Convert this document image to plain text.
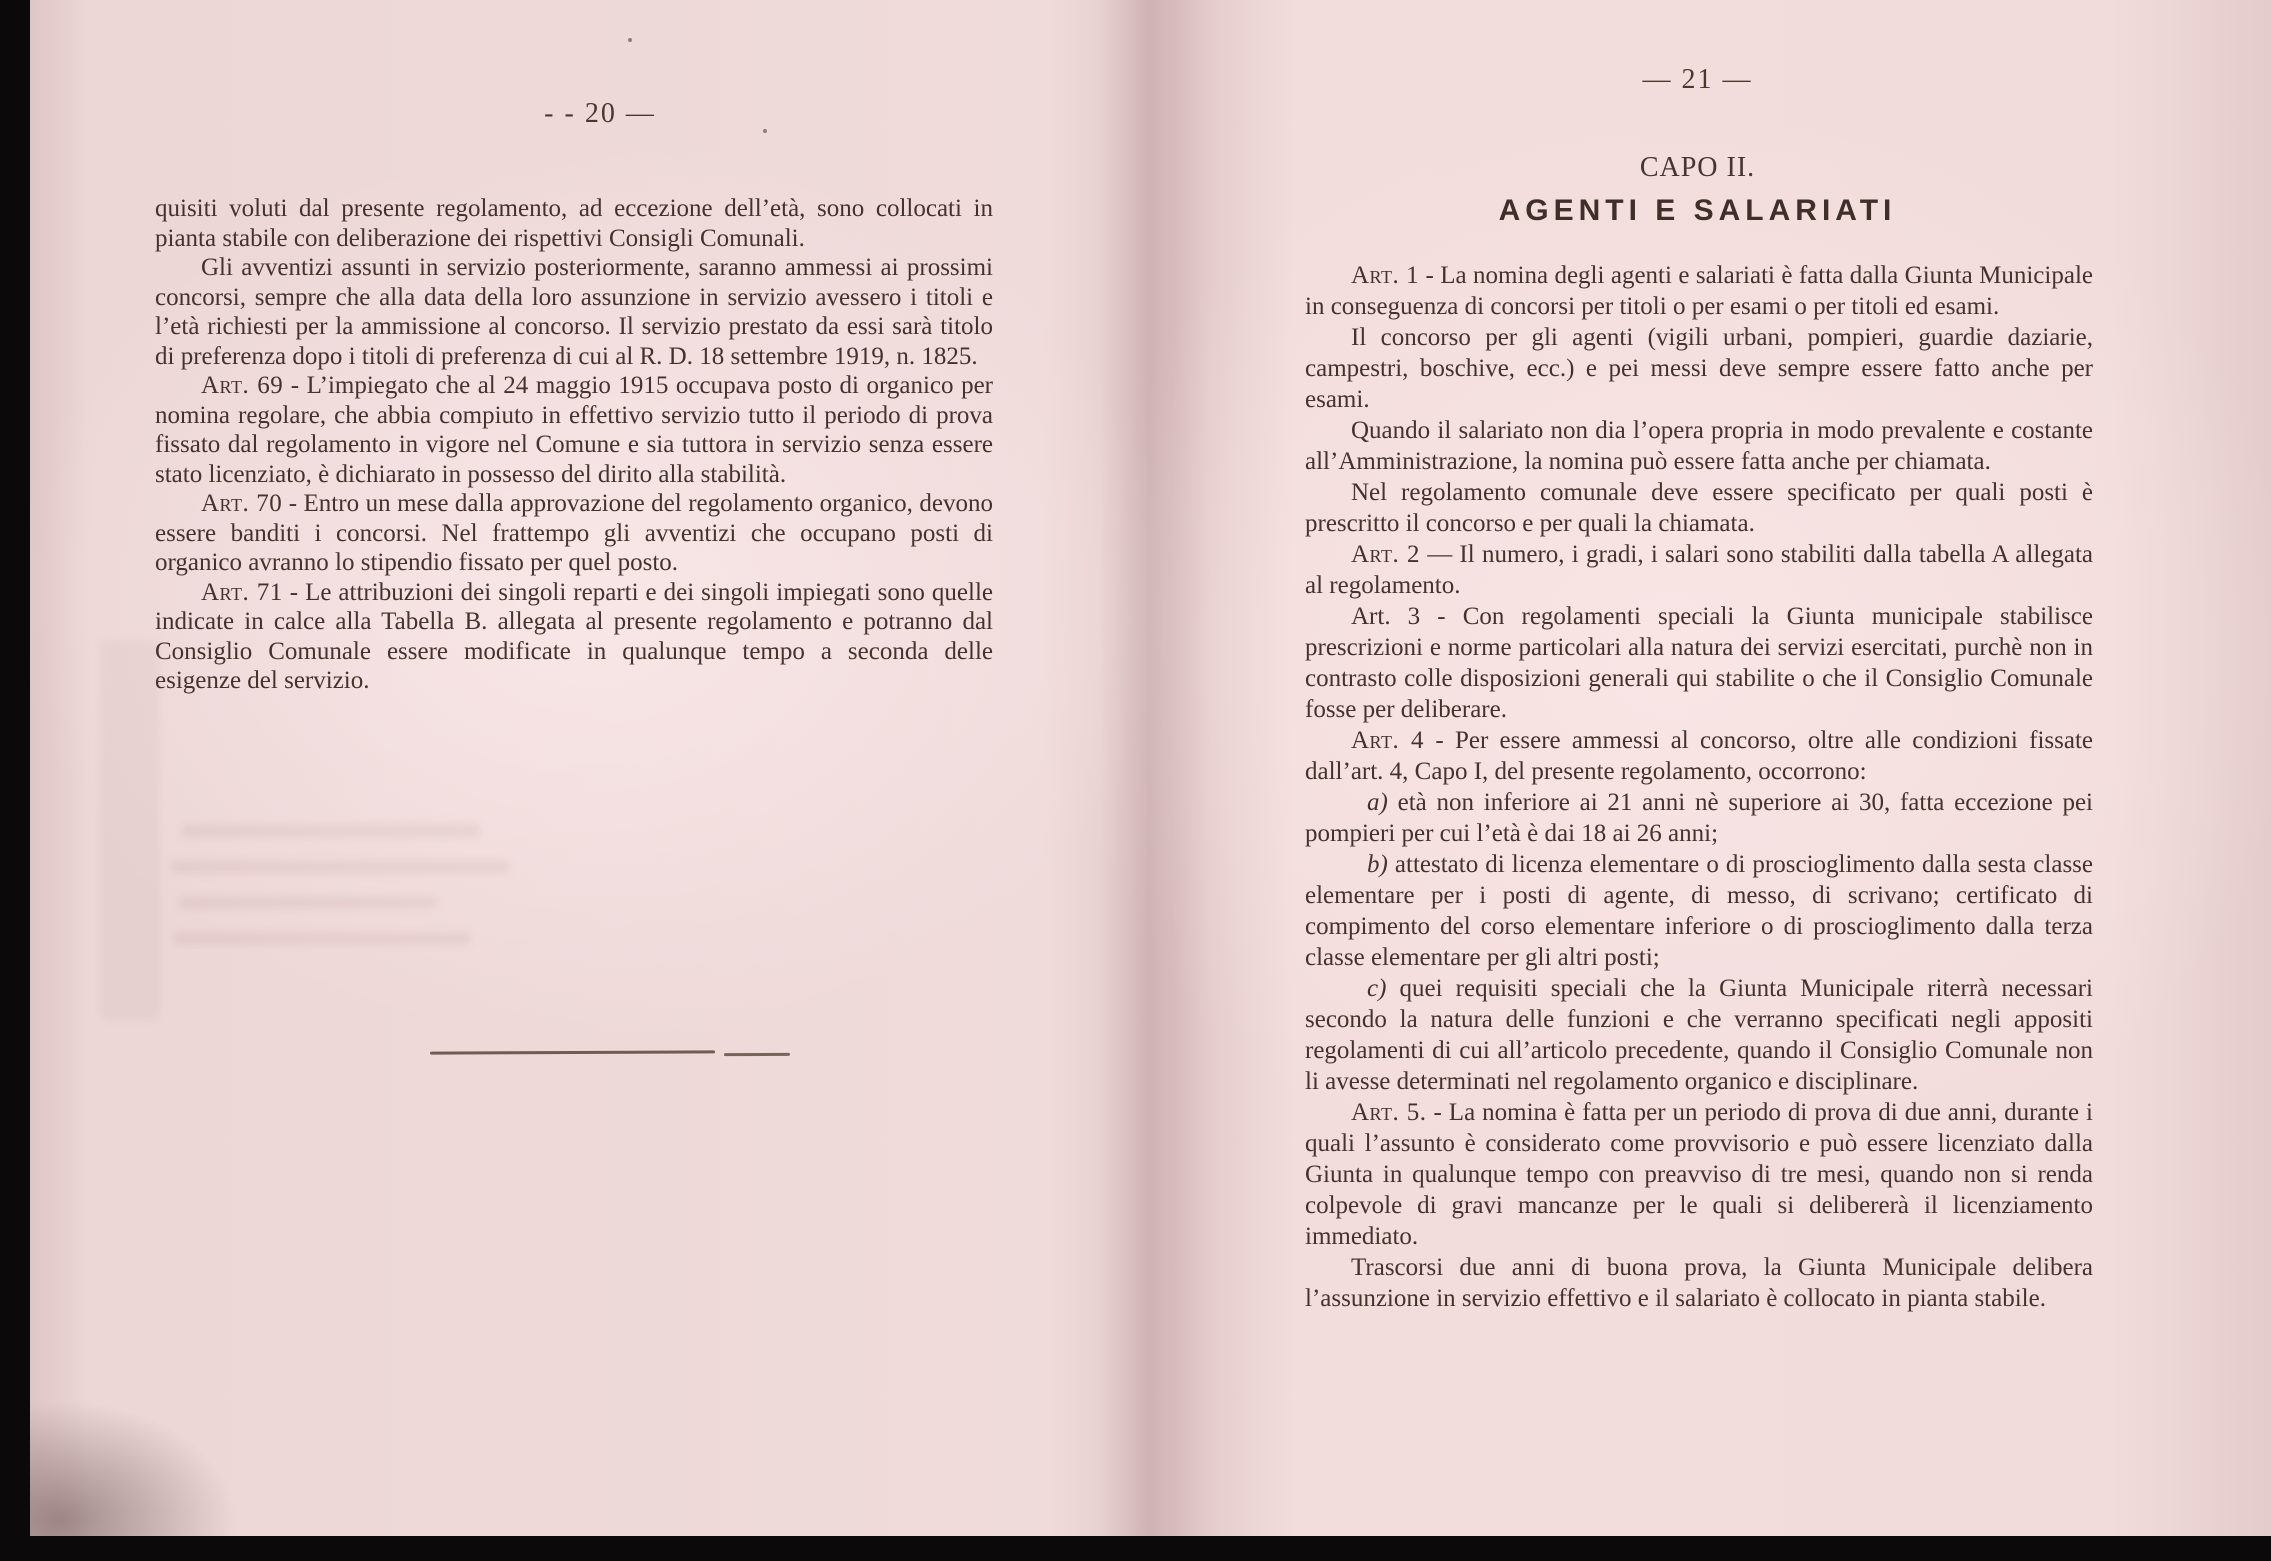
- - 20 —

quisiti voluti dal presente regolamento, ad eccezione dell’età, sono collocati in pianta stabile con deliberazione dei rispettivi Consigli Comunali.

Gli avventizi assunti in servizio posteriormente, saranno ammessi ai prossimi concorsi, sempre che alla data della loro assunzione in servizio avessero i titoli e l’età richiesti per la ammissione al concorso. Il servizio prestato da essi sarà titolo di preferenza dopo i titoli di preferenza di cui al R. D. 18 settembre 1919, n. 1825.

Art. 69 - L’impiegato che al 24 maggio 1915 occupava posto di organico per nomina regolare, che abbia compiuto in effettivo servizio tutto il periodo di prova fissato dal regolamento in vigore nel Comune e sia tuttora in servizio senza essere stato licenziato, è dichiarato in possesso del dirito alla stabilità.

Art. 70 - Entro un mese dalla approvazione del regolamento organico, devono essere banditi i concorsi. Nel frattempo gli avventizi che occupano posti di organico avranno lo stipendio fissato per quel posto.

Art. 71 - Le attribuzioni dei singoli reparti e dei singoli impiegati sono quelle indicate in calce alla Tabella B. allegata al presente regolamento e potranno dal Consiglio Comunale essere modificate in qualunque tempo a seconda delle esigenze del servizio.

— 21 —
CAPO II.
AGENTI E SALARIATI

Art. 1 - La nomina degli agenti e salariati è fatta dalla Giunta Municipale in conseguenza di concorsi per titoli o per esami o per titoli ed esami.

Il concorso per gli agenti (vigili urbani, pompieri, guardie daziarie, campestri, boschive, ecc.) e pei messi deve sempre essere fatto anche per esami.

Quando il salariato non dia l’opera propria in modo prevalente e costante all’Amministrazione, la nomina può essere fatta anche per chiamata.

Nel regolamento comunale deve essere specificato per quali posti è prescritto il concorso e per quali la chiamata.

Art. 2 — Il numero, i gradi, i salari sono stabiliti dalla tabella A allegata al regolamento.

Art. 3 - Con regolamenti speciali la Giunta municipale stabilisce prescrizioni e norme particolari alla natura dei servizi esercitati, purchè non in contrasto colle disposizioni generali qui stabilite o che il Consiglio Comunale fosse per deliberare.

Art. 4 - Per essere ammessi al concorso, oltre alle condizioni fissate dall’art. 4, Capo I, del presente regolamento, occorrono:

a) età non inferiore ai 21 anni nè superiore ai 30, fatta eccezione pei pompieri per cui l’età è dai 18 ai 26 anni;

b) attestato di licenza elementare o di proscioglimento dalla sesta classe elementare per i posti di agente, di messo, di scrivano; certificato di compimento del corso elementare inferiore o di proscioglimento dalla terza classe elementare per gli altri posti;

c) quei requisiti speciali che la Giunta Municipale riterrà necessari secondo la natura delle funzioni e che verranno specificati negli appositi regolamenti di cui all’articolo precedente, quando il Consiglio Comunale non li avesse determinati nel regolamento organico e disciplinare.

Art. 5. - La nomina è fatta per un periodo di prova di due anni, durante i quali l’assunto è considerato come provvisorio e può essere licenziato dalla Giunta in qualunque tempo con preavviso di tre mesi, quando non si renda colpevole di gravi mancanze per le quali si delibererà il licenziamento immediato.

Trascorsi due anni di buona prova, la Giunta Municipale delibera l’assunzione in servizio effettivo e il salariato è collocato in pianta stabile.
